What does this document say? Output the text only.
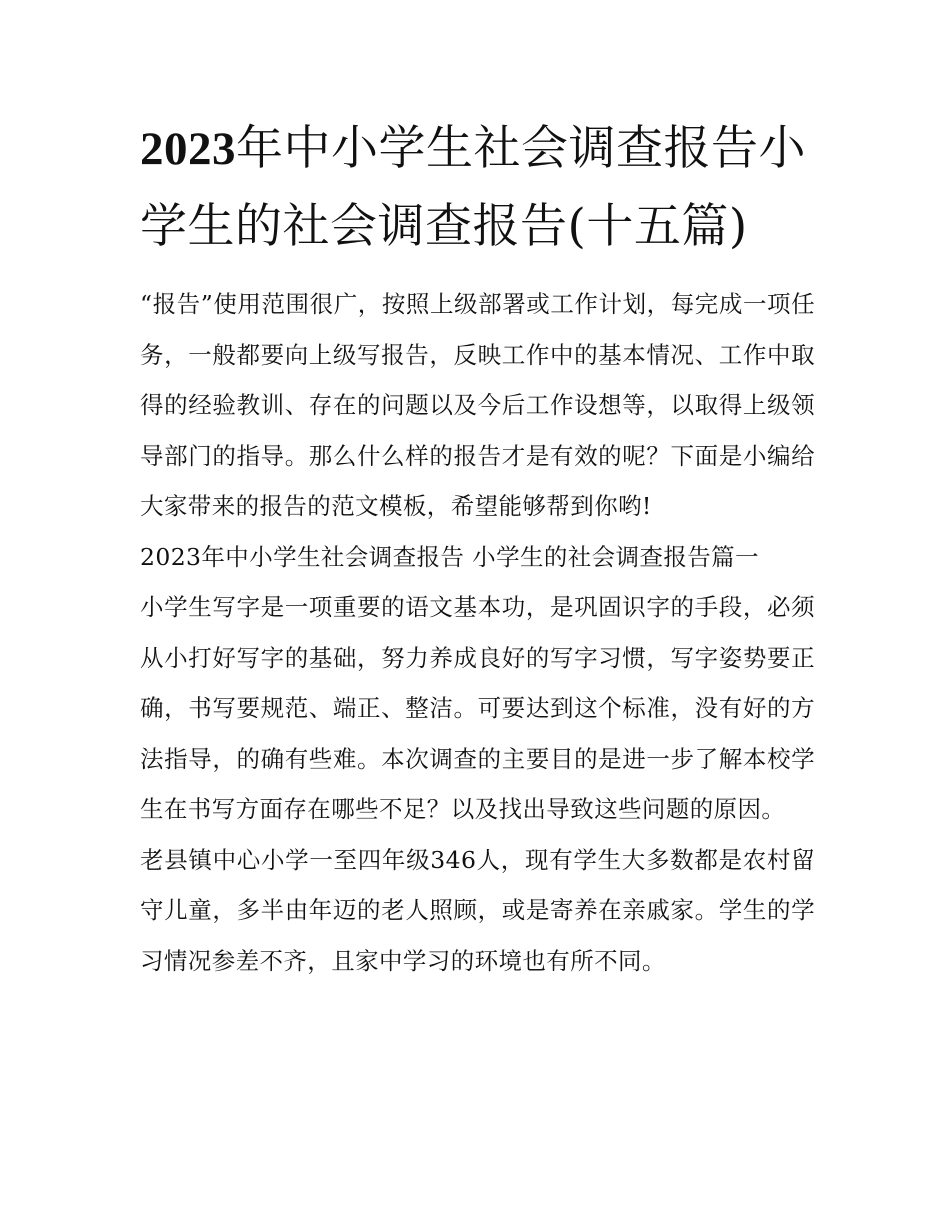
2023年中小学生社会调查报告小学生的社会调查报告(十五篇)

“报告”使用范围很广，按照上级部署或工作计划，每完成一项任务，一般都要向上级写报告，反映工作中的基本情况、工作中取得的经验教训、存在的问题以及今后工作设想等，以取得上级领导部门的指导。那么什么样的报告才是有效的呢？下面是小编给大家带来的报告的范文模板，希望能够帮到你哟!

2023年中小学生社会调查报告 小学生的社会调查报告篇一

小学生写字是一项重要的语文基本功，是巩固识字的手段，必须从小打好写字的基础，努力养成良好的写字习惯，写字姿势要正确，书写要规范、端正、整洁。可要达到这个标准，没有好的方法指导，的确有些难。本次调查的主要目的是进一步了解本校学生在书写方面存在哪些不足？以及找出导致这些问题的原因。

老县镇中心小学一至四年级346人，现有学生大多数都是农村留守儿童，多半由年迈的老人照顾，或是寄养在亲戚家。学生的学习情况参差不齐，且家中学习的环境也有所不同。
